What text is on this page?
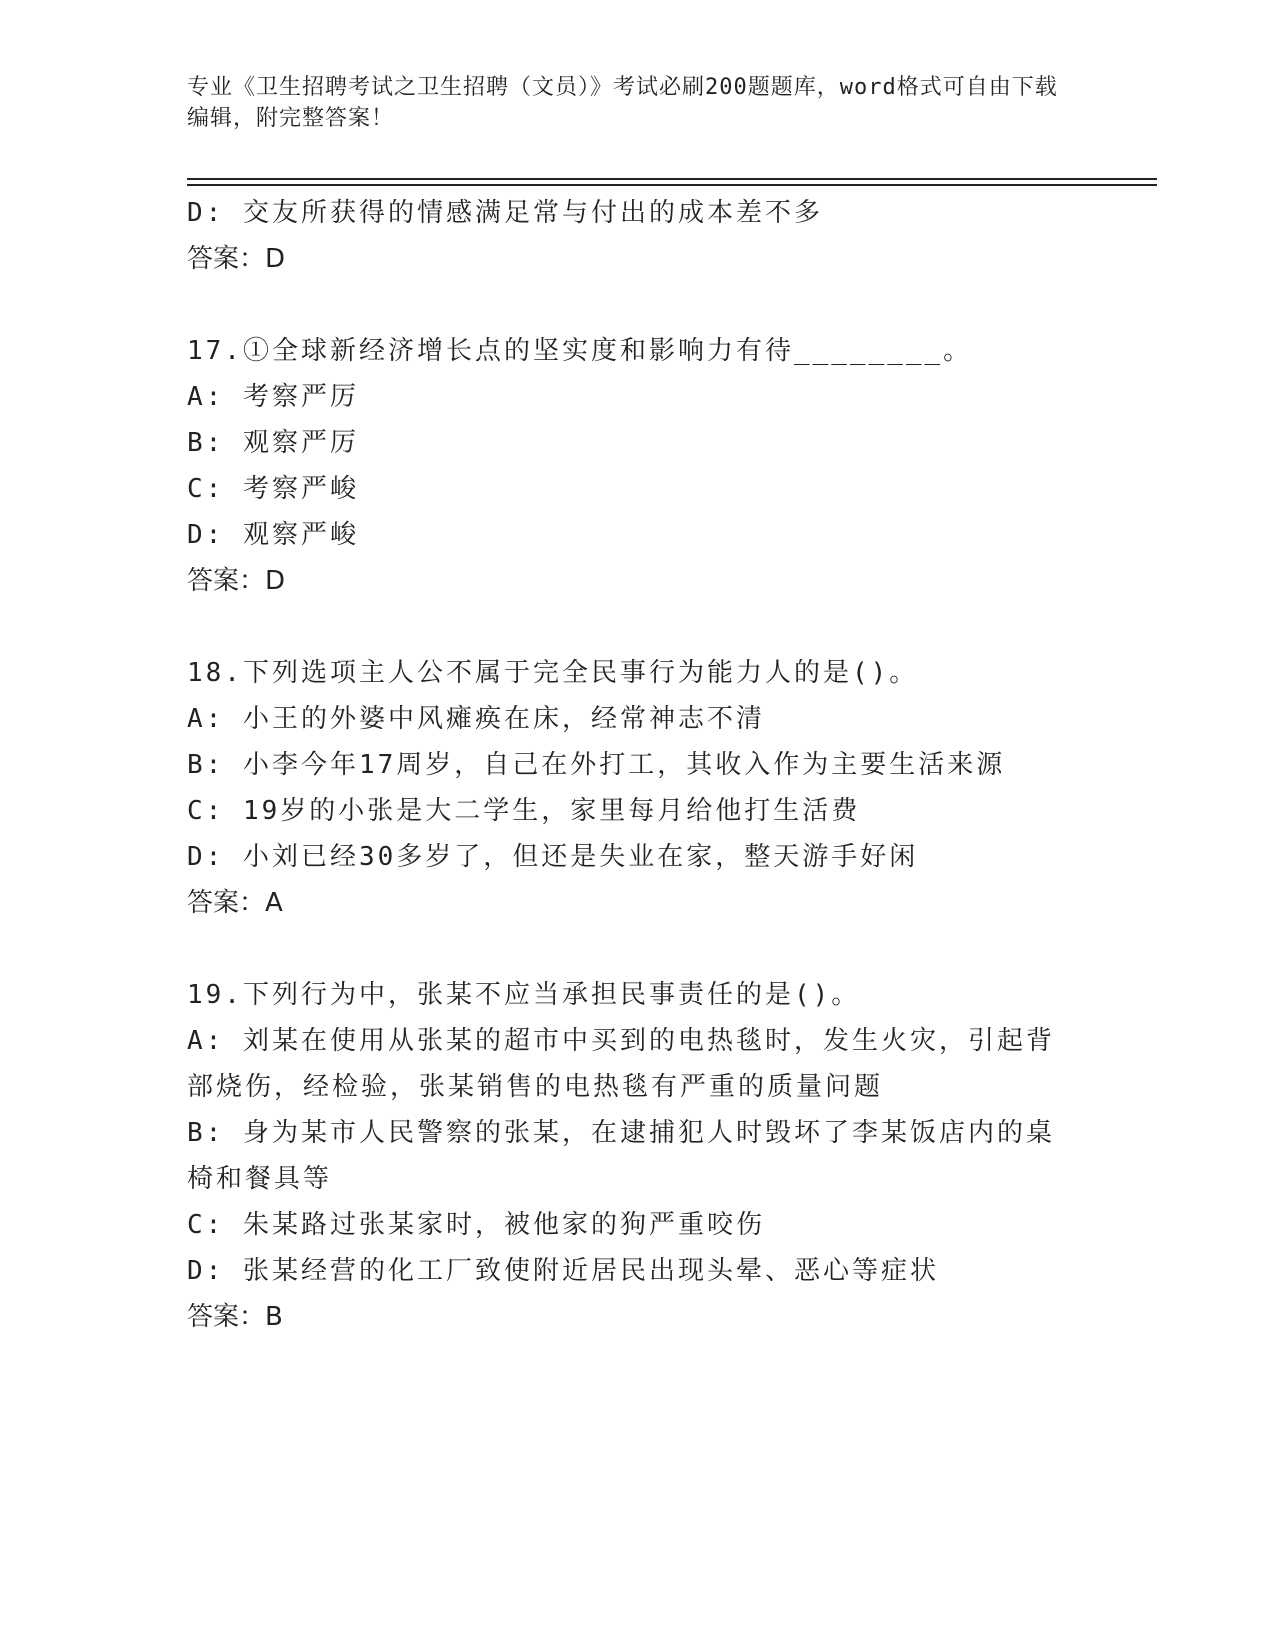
专业《卫生招聘考试之卫生招聘（文员）》考试必刷200题题库，word格式可自由下载编辑，附完整答案！
D: 交友所获得的情感满足常与付出的成本差不多
答案：D
17.①全球新经济增长点的坚实度和影响力有待________。
A: 考察严厉
B: 观察严厉
C: 考察严峻
D: 观察严峻
答案：D
18.下列选项主人公不属于完全民事行为能力人的是()。
A: 小王的外婆中风瘫痪在床，经常神志不清
B: 小李今年17周岁，自己在外打工，其收入作为主要生活来源
C: 19岁的小张是大二学生，家里每月给他打生活费
D: 小刘已经30多岁了，但还是失业在家，整天游手好闲
答案：A
19.下列行为中，张某不应当承担民事责任的是()。
A: 刘某在使用从张某的超市中买到的电热毯时，发生火灾，引起背部烧伤，经检验，张某销售的电热毯有严重的质量问题
B: 身为某市人民警察的张某，在逮捕犯人时毁坏了李某饭店内的桌椅和餐具等
C: 朱某路过张某家时，被他家的狗严重咬伤
D: 张某经营的化工厂致使附近居民出现头晕、恶心等症状
答案：B
